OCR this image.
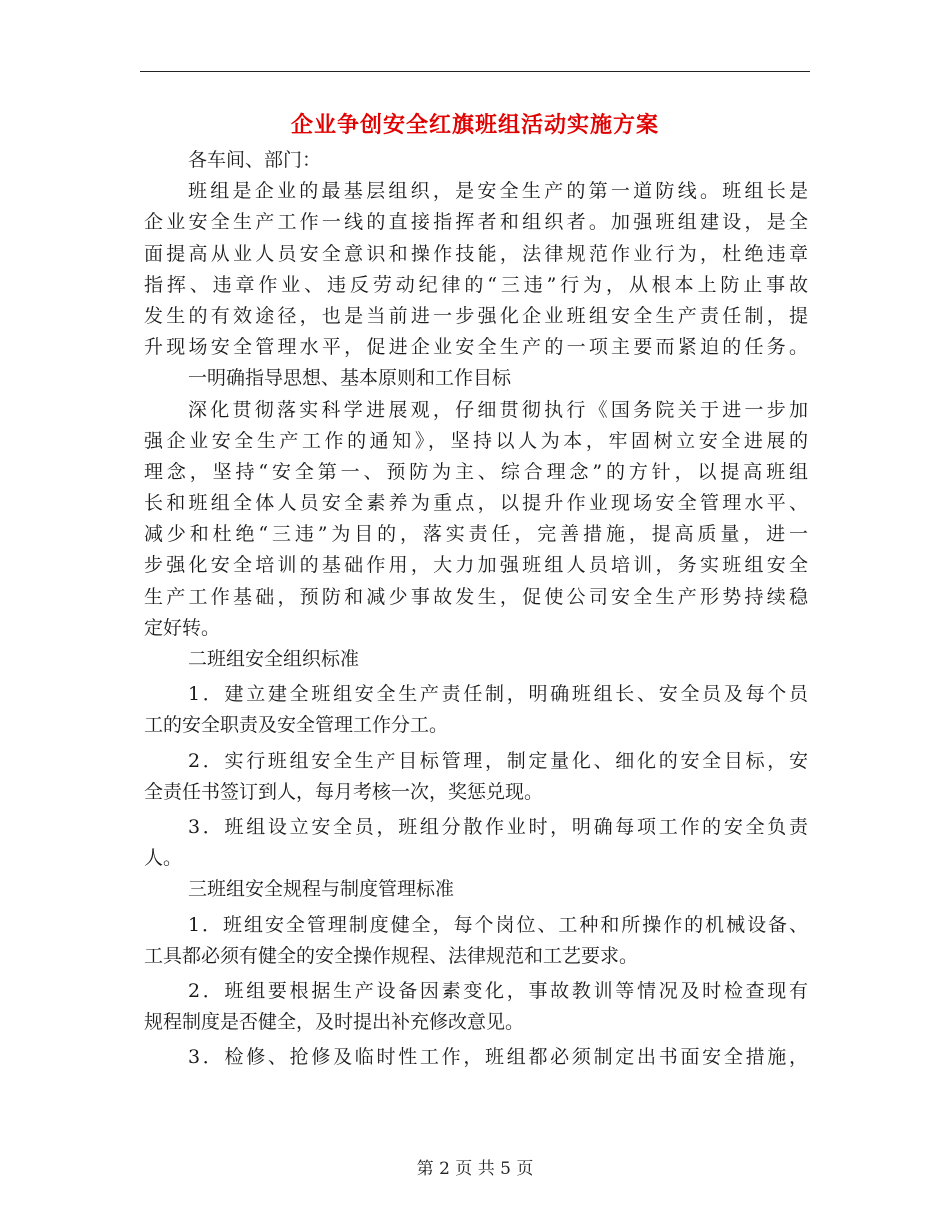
企业争创安全红旗班组活动实施方案
各车间、部门：
班组是企业的最基层组织，是安全生产的第一道防线。班组长是
企业安全生产工作一线的直接指挥者和组织者。加强班组建设，是全
面提高从业人员安全意识和操作技能，法律规范作业行为，杜绝违章
指挥、违章作业、违反劳动纪律的“三违”行为，从根本上防止事故
发生的有效途径，也是当前进一步强化企业班组安全生产责任制，提
升现场安全管理水平，促进企业安全生产的一项主要而紧迫的任务。
一明确指导思想、基本原则和工作目标
深化贯彻落实科学进展观，仔细贯彻执行《国务院关于进一步加
强企业安全生产工作的通知》，坚持以人为本，牢固树立安全进展的
理念，坚持“安全第一、预防为主、综合理念”的方针，以提高班组
长和班组全体人员安全素养为重点，以提升作业现场安全管理水平、
减少和杜绝“三违”为目的，落实责任，完善措施，提高质量，进一
步强化安全培训的基础作用，大力加强班组人员培训，务实班组安全
生产工作基础，预防和减少事故发生，促使公司安全生产形势持续稳
定好转。
二班组安全组织标准
1．建立建全班组安全生产责任制，明确班组长、安全员及每个员
工的安全职责及安全管理工作分工。
2．实行班组安全生产目标管理，制定量化、细化的安全目标，安
全责任书签订到人，每月考核一次，奖惩兑现。
3．班组设立安全员，班组分散作业时，明确每项工作的安全负责
人。
三班组安全规程与制度管理标准
1．班组安全管理制度健全，每个岗位、工种和所操作的机械设备、
工具都必须有健全的安全操作规程、法律规范和工艺要求。
2．班组要根据生产设备因素变化，事故教训等情况及时检查现有
规程制度是否健全，及时提出补充修改意见。
3．检修、抢修及临时性工作，班组都必须制定出书面安全措施，
第 2 页 共 5 页
